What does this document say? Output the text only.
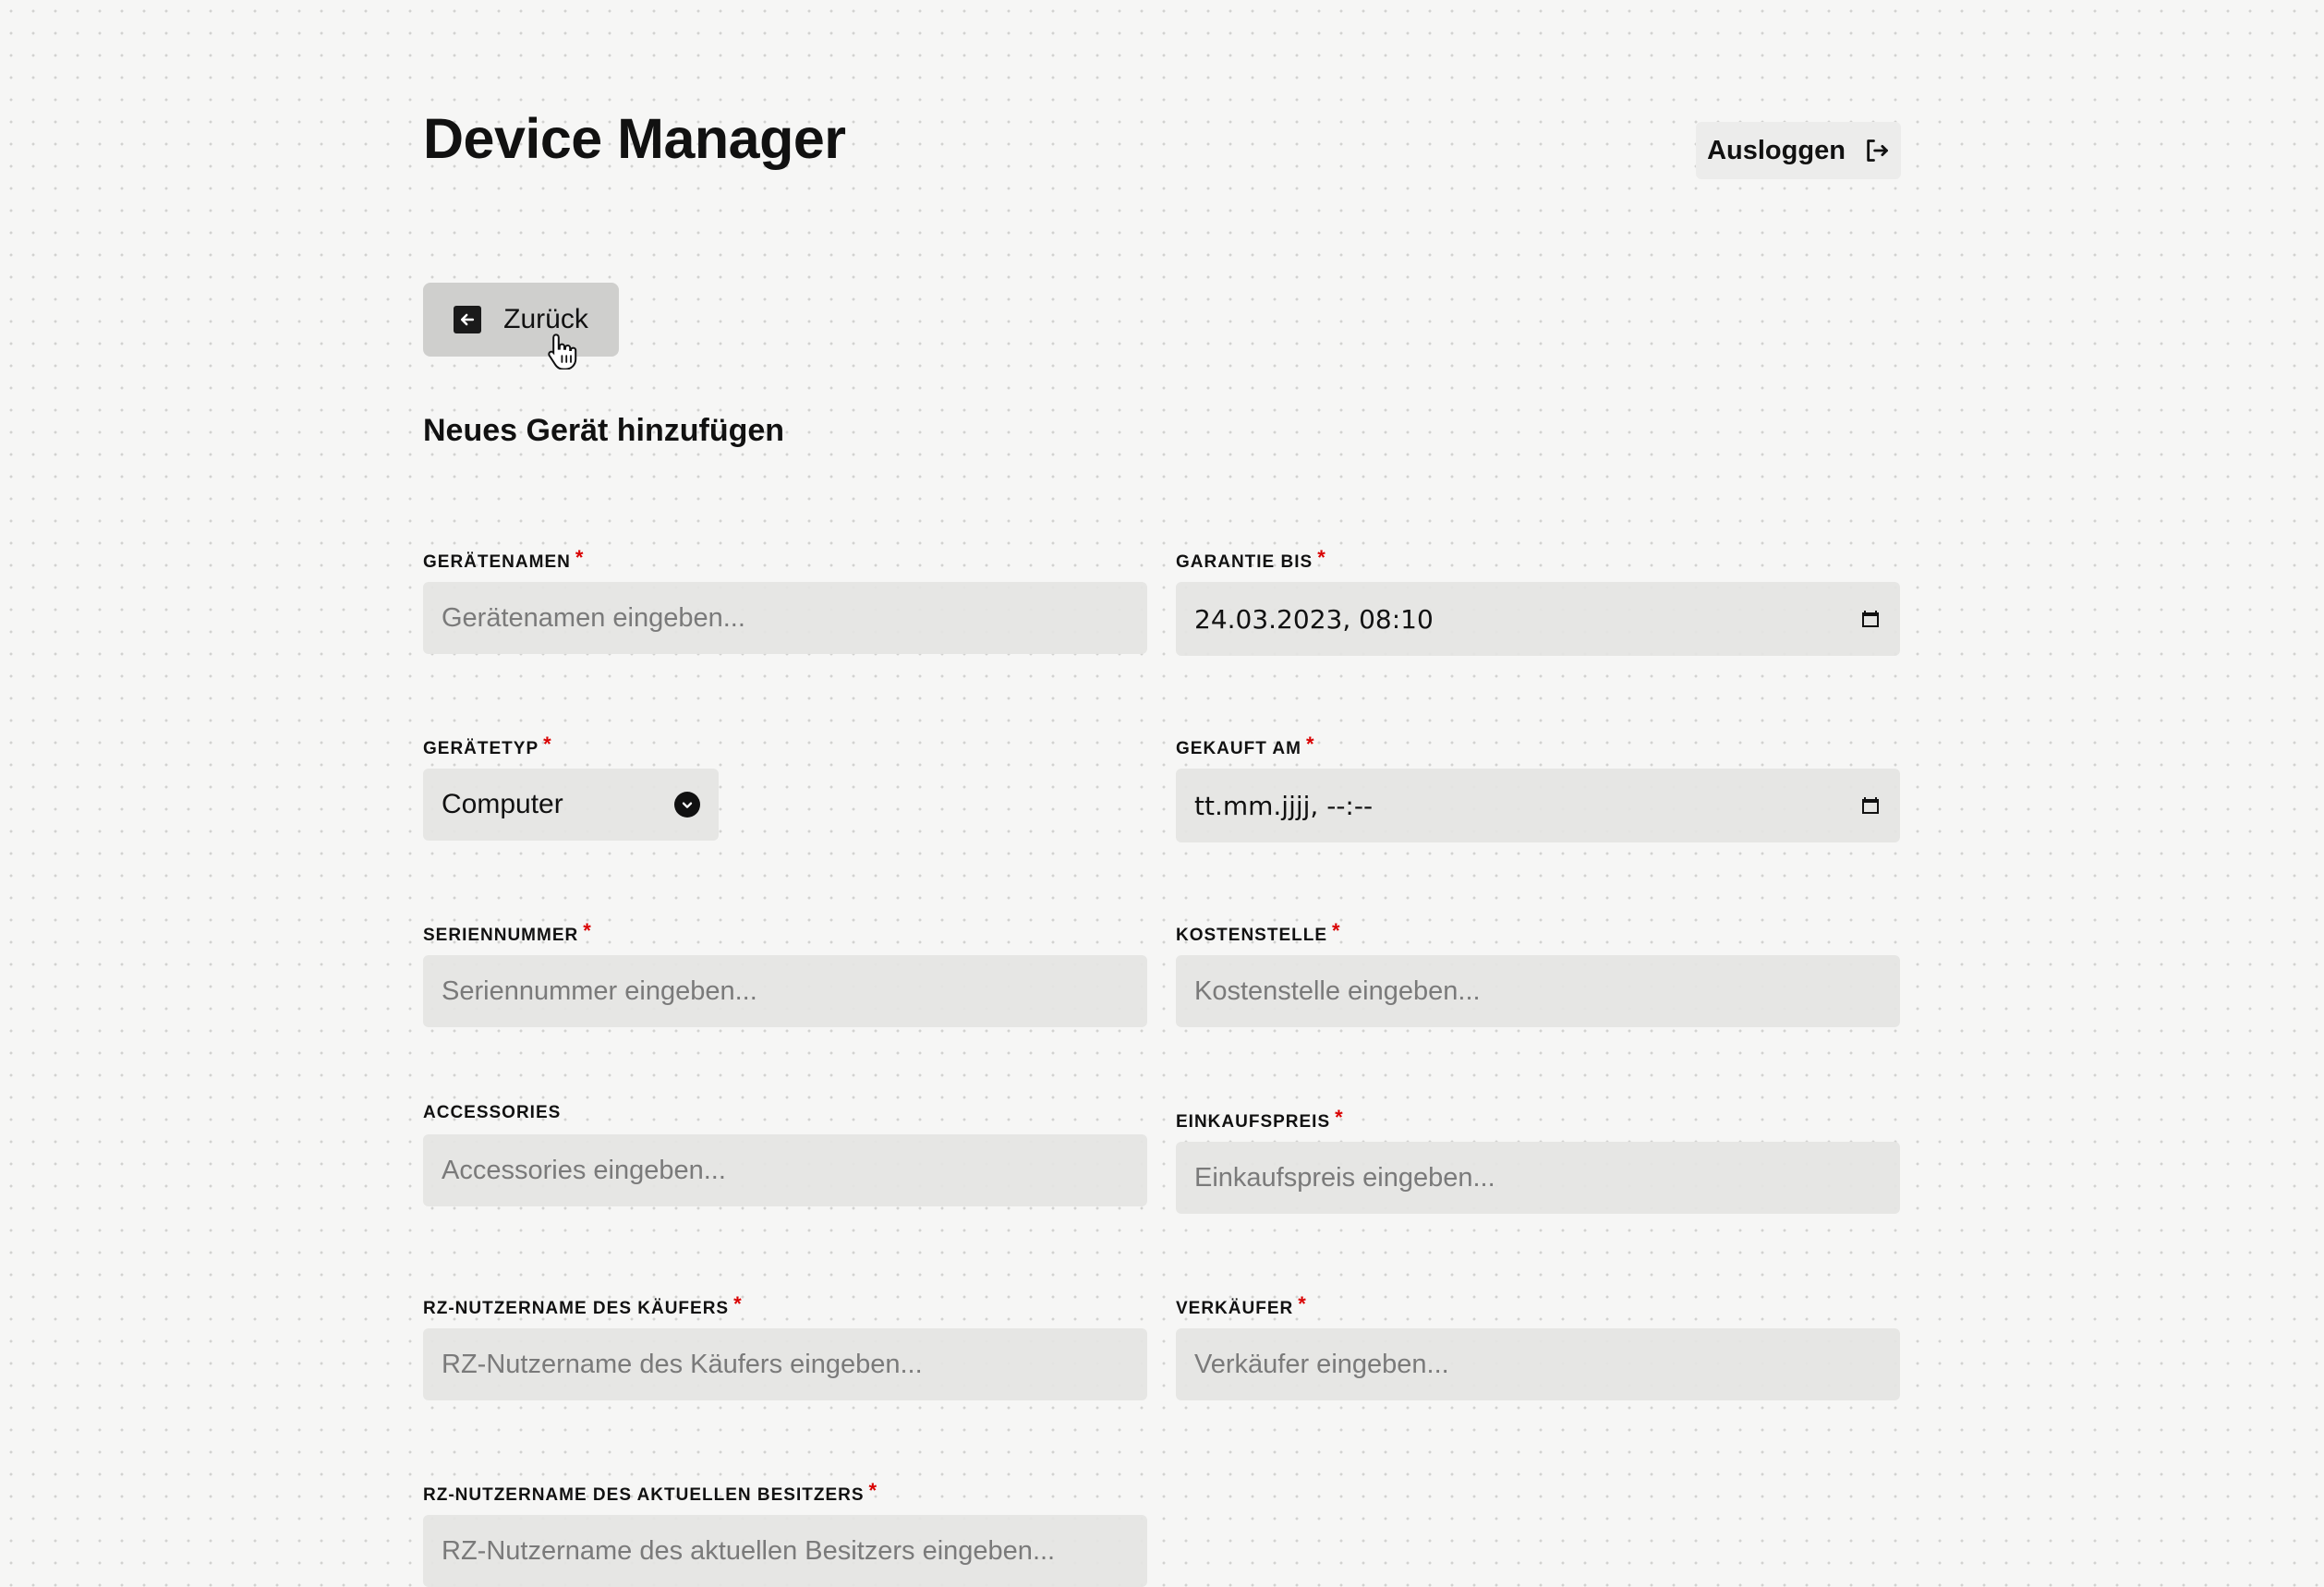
Device Manager	Ausloggen
Zurück
Neues Gerät hinzufügen
GERÄTENAMEN *
Gerätenamen eingeben...	GARANTIE BIS *
24.03.2023, 08:10
GERÄTETYP *
Computer
GEKAUFT AM *
tt.mm.jjjj, --:--
SERIENNUMMER *
Seriennummer eingeben...	KOSTENSTELLE *
Kostenstelle eingeben...
ACCESSORIES
Accessories eingeben...	EINKAUFSPREIS *
Einkaufspreis eingeben...
RZ-NUTZERNAME DES KÄUFERS *
RZ-Nutzername des Käufers eingeben...	VERKÄUFER *
Verkäufer eingeben...
RZ-NUTZERNAME DES AKTUELLEN BESITZERS *
RZ-Nutzername des aktuellen Besitzers eingeben...
